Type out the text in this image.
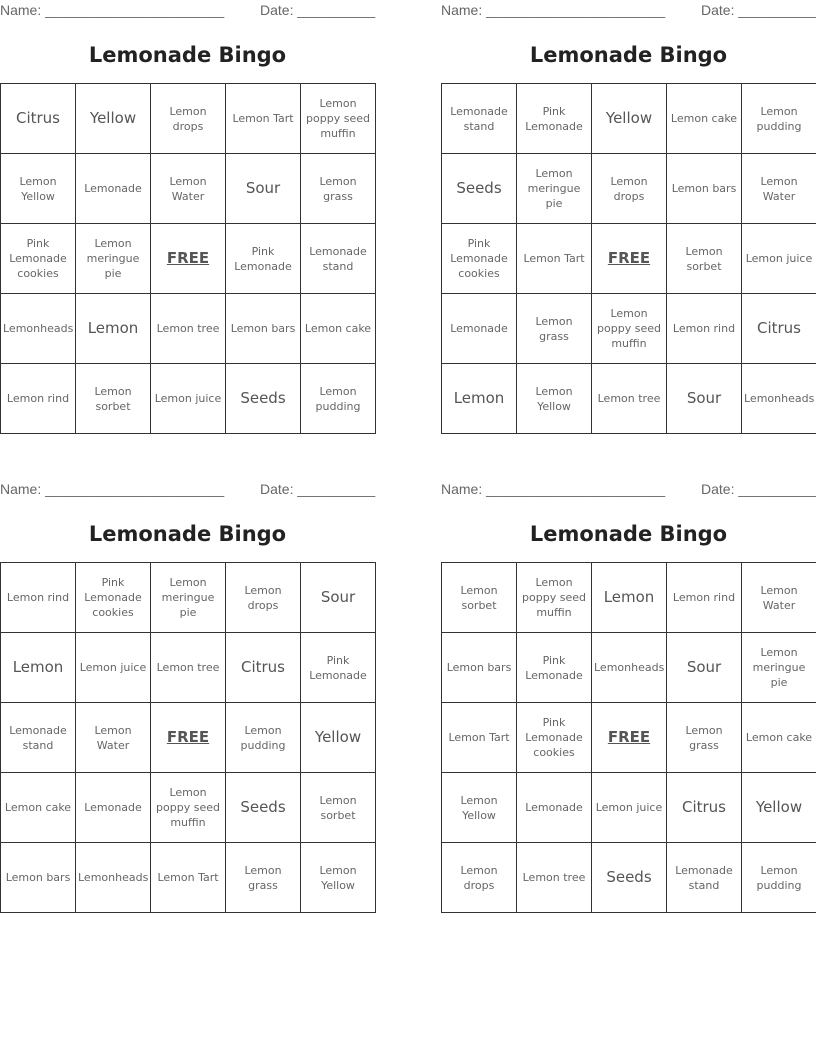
Name: _______________________	Date: __________
Lemonade Bingo
Citrus	Yellow	Lemon drops	Lemon Tart	Lemon poppy seed muffin
Lemon Yellow	Lemonade	Lemon Water	Sour	Lemon grass
Pink Lemonade cookies	Lemon meringue pie	FREE	Pink Lemonade	Lemonade stand
Lemonheads	Lemon	Lemon tree	Lemon bars	Lemon cake
Lemon rind	Lemon sorbet	Lemon juice	Seeds	Lemon pudding
Name: _______________________	Date: __________
Lemonade Bingo
Lemonade stand	Pink Lemonade	Yellow	Lemon cake	Lemon pudding
Seeds	Lemon meringue pie	Lemon drops	Lemon bars	Lemon Water
Pink Lemonade cookies	Lemon Tart	FREE	Lemon sorbet	Lemon juice
Lemonade	Lemon grass	Lemon poppy seed muffin	Lemon rind	Citrus
Lemon	Lemon Yellow	Lemon tree	Sour	Lemonheads
Name: _______________________	Date: __________
Lemonade Bingo
Lemon rind	Pink Lemonade cookies	Lemon meringue pie	Lemon drops	Sour
Lemon	Lemon juice	Lemon tree	Citrus	Pink Lemonade
Lemonade stand	Lemon Water	FREE	Lemon pudding	Yellow
Lemon cake	Lemonade	Lemon poppy seed muffin	Seeds	Lemon sorbet
Lemon bars	Lemonheads	Lemon Tart	Lemon grass	Lemon Yellow
Name: _______________________	Date: __________
Lemonade Bingo
Lemon sorbet	Lemon poppy seed muffin	Lemon	Lemon rind	Lemon Water
Lemon bars	Pink Lemonade	Lemonheads	Sour	Lemon meringue pie
Lemon Tart	Pink Lemonade cookies	FREE	Lemon grass	Lemon cake
Lemon Yellow	Lemonade	Lemon juice	Citrus	Yellow
Lemon drops	Lemon tree	Seeds	Lemonade stand	Lemon pudding
